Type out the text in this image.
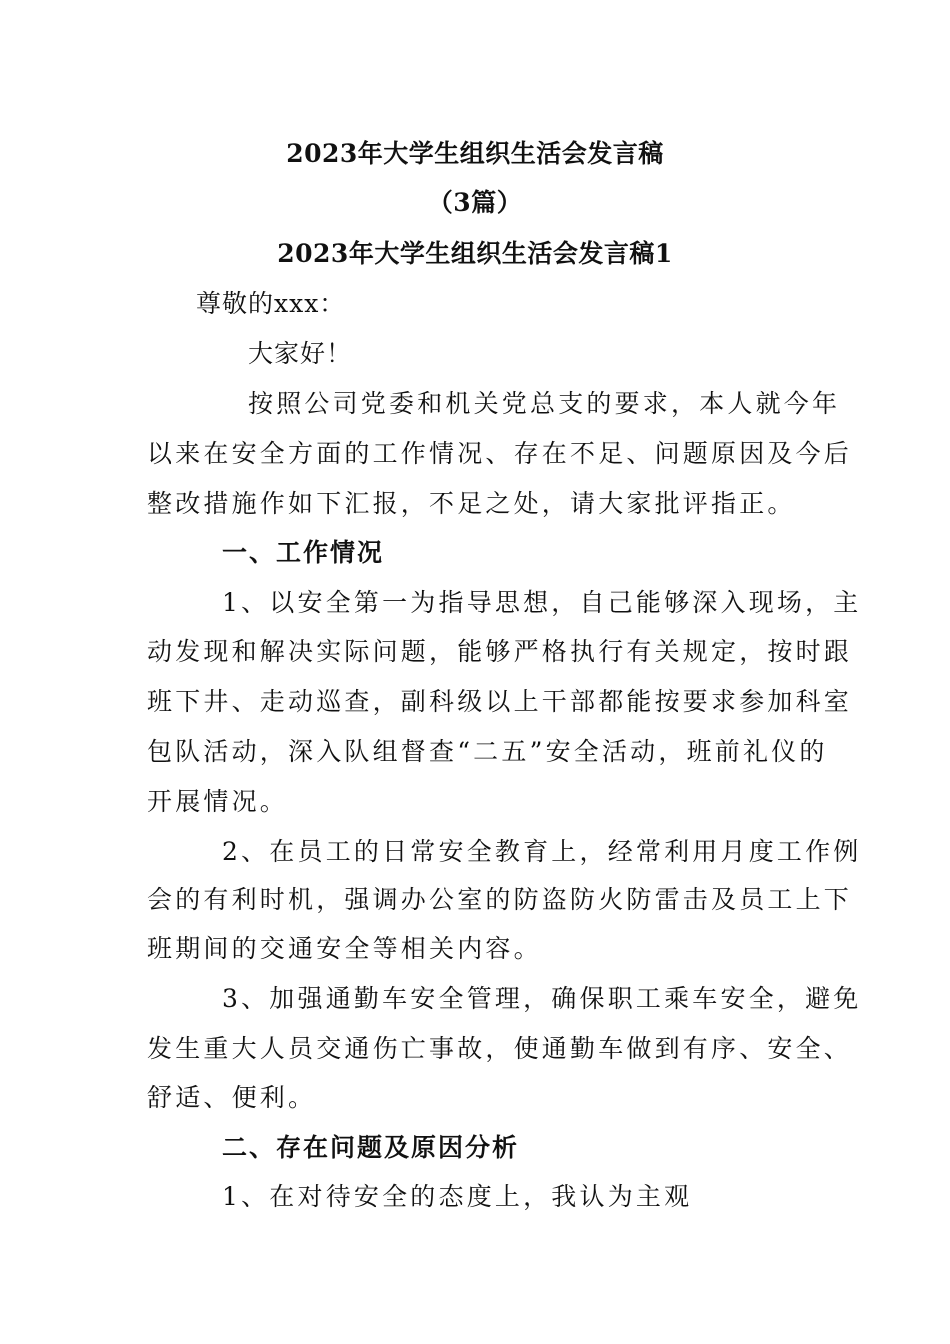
2023年大学生组织生活会发言稿

（3篇）

2023年大学生组织生活会发言稿1

尊敬的xxx：

大家好！

按照公司党委和机关党总支的要求，本人就今年

以来在安全方面的工作情况、存在不足、问题原因及今后

整改措施作如下汇报，不足之处，请大家批评指正。

一、工作情况

1、以安全第一为指导思想，自己能够深入现场，主

动发现和解决实际问题，能够严格执行有关规定，按时跟

班下井、走动巡查，副科级以上干部都能按要求参加科室

包队活动，深入队组督查“二五”安全活动，班前礼仪的

开展情况。

2、在员工的日常安全教育上，经常利用月度工作例

会的有利时机，强调办公室的防盗防火防雷击及员工上下

班期间的交通安全等相关内容。

3、加强通勤车安全管理，确保职工乘车安全，避免

发生重大人员交通伤亡事故，使通勤车做到有序、安全、

舒适、便利。

二、存在问题及原因分析

1、在对待安全的态度上，我认为主观
